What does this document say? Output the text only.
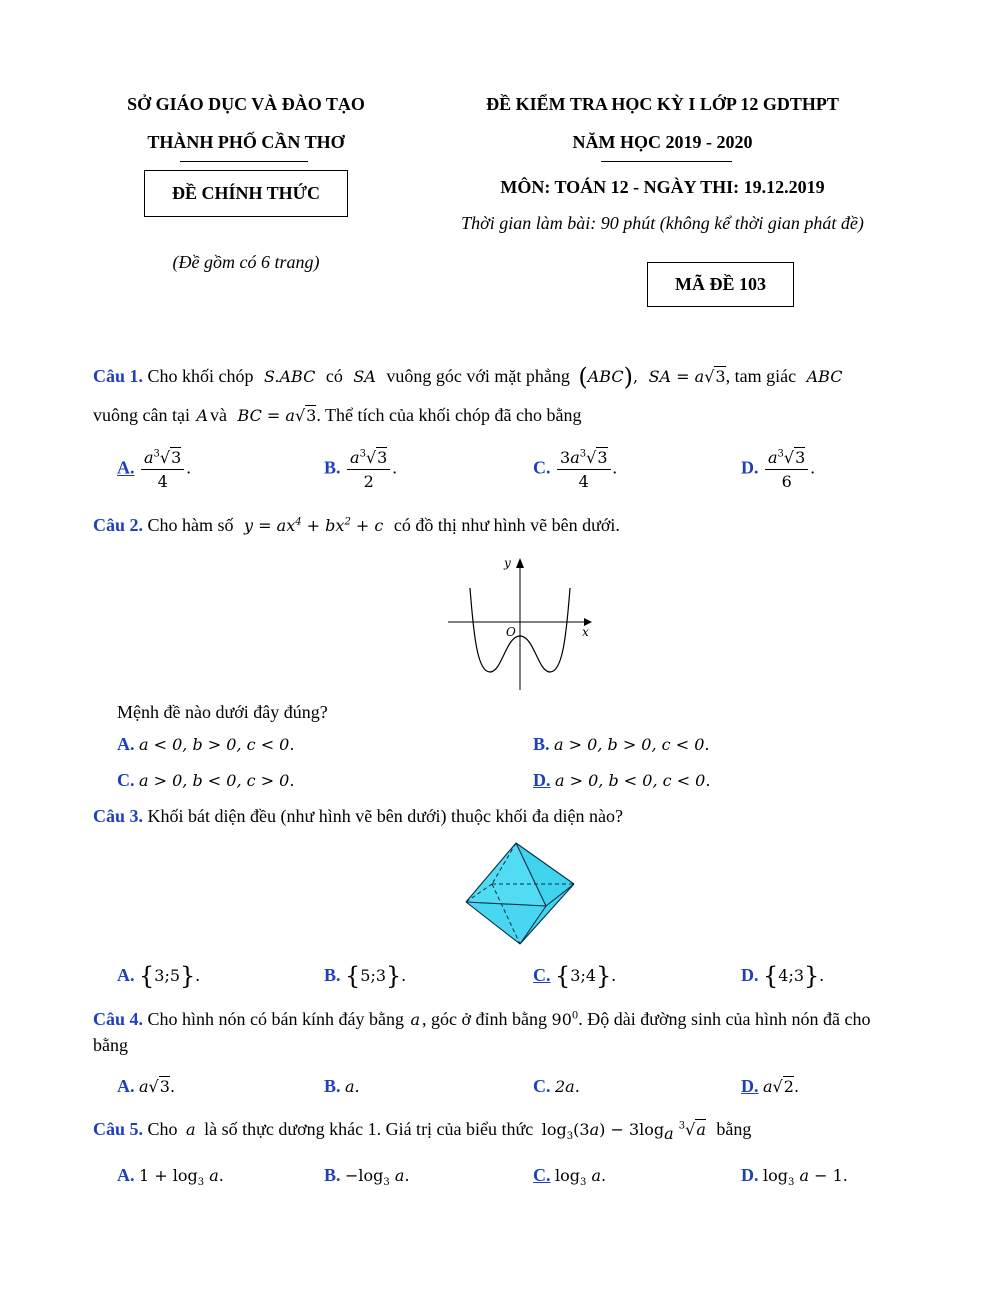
SỞ GIÁO DỤC VÀ ĐÀO TẠO
THÀNH PHỐ CẦN THƠ
ĐỀ CHÍNH THỨC
(Đề gồm có 6 trang)
ĐỀ KIỂM TRA HỌC KỲ I LỚP 12 GDTHPT
NĂM HỌC 2019 - 2020
MÔN: TOÁN 12 - NGÀY THI: 19.12.2019
Thời gian làm bài: 90 phút (không kể thời gian phát đề)
MÃ ĐỀ 103
Câu 1. Cho khối chóp S.ABC có SA vuông góc với mặt phẳng (ABC), SA = a√3, tam giác ABC
vuông cân tại A và BC = a√3. Thể tích của khối chóp đã cho bằng
A. $\frac{a^3√3}{4}$ .	B. $\frac{a^3√3}{2}$ .	C. $\frac{3a^3√3}{4}$ .	D. $\frac{a^3√3}{6}$ .
Câu 2. Cho hàm số $y = ax^4 + bx^2 + c$ có đồ thị như hình vẽ bên dưới.
y
x
O
Mệnh đề nào dưới đây đúng?
A. a < 0, b > 0, c < 0.	B. a > 0, b > 0, c < 0.
C. a > 0, b < 0, c > 0.	D. a > 0, b < 0, c < 0.
Câu 3. Khối bát diện đều (như hình vẽ bên dưới) thuộc khối đa diện nào?
A. {3;5}.	B. {5;3}.	C. {3;4}.	D. {4;3}.
Câu 4. Cho hình nón có bán kính đáy bằng a , góc ở đỉnh bằng $90^0$. Độ dài đường sinh của hình nón đã cho
bằng
A. a√3.	B. a.	C. 2a.	D. a√2.
Câu 5. Cho a là số thực dương khác 1. Giá trị của biểu thức $\log_3(3a) - 3\log_a$ $^3$√a bằng
A. $1 + \log_3 a$.	B. $-\log_3$ a.	C. $\log_3 a$.	D. $\log_3 a - 1$.
